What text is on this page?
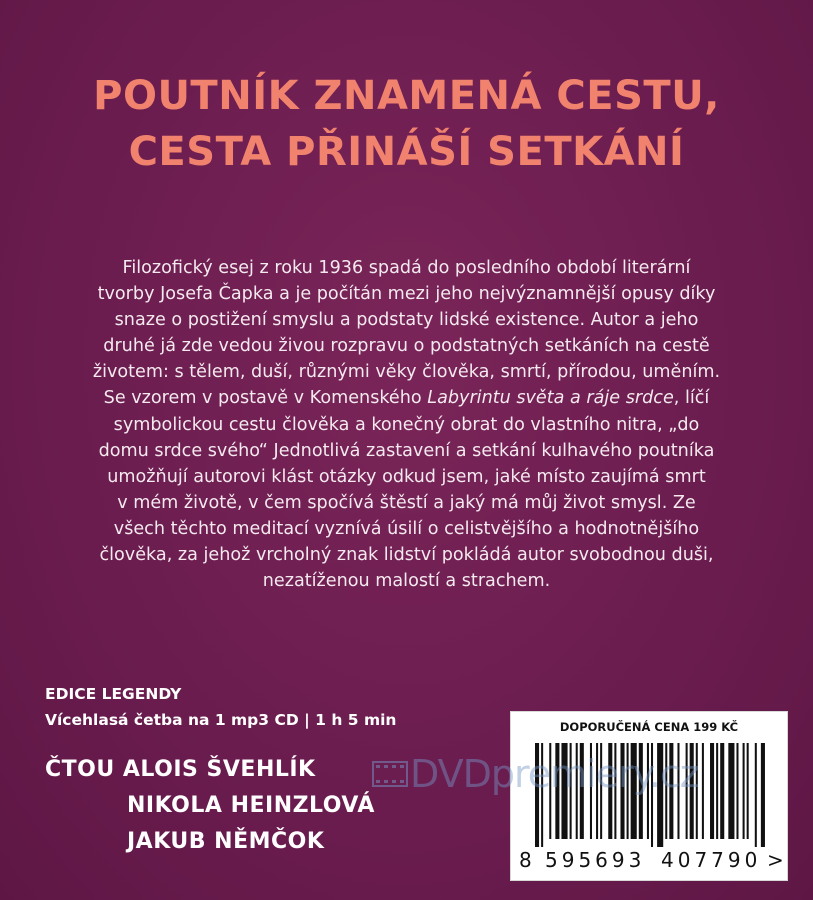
POUTNÍK ZNAMENÁ CESTU,
CESTA PŘINÁŠÍ SETKÁNÍ
Filozofický esej z roku 1936 spadá do posledního období literární
tvorby Josefa Čapka a je počítán mezi jeho nejvýznamnější opusy díky
snaze o postižení smyslu a podstaty lidské existence. Autor a jeho
druhé já zde vedou živou rozpravu o podstatných setkáních na cestě
životem: s tělem, duší, různými věky člověka, smrtí, přírodou, uměním.
Se vzorem v postavě v Komenského Labyrintu světa a ráje srdce, líčí
symbolickou cestu člověka a konečný obrat do vlastního nitra, „do
domu srdce svého“ Jednotlivá zastavení a setkání kulhavého poutníka
umožňují autorovi klást otázky odkud jsem, jaké místo zaujímá smrt
v mém životě, v čem spočívá štěstí a jaký má můj život smysl. Ze
všech těchto meditací vyznívá úsilí o celistvějšího a hodnotnějšího
člověka, za jehož vrcholný znak lidství pokládá autor svobodnou duši,
nezatíženou malostí a strachem.
EDICE LEGENDY
Vícehlasá četba na 1 mp3 CD | 1 h 5 min
ČTOU ALOIS ŠVEHLÍK
NIKOLA HEINZLOVÁ
JAKUB NĚMČOK
DOPORUČENÁ CENA 199 KČ
8 595693 407790 >
DVDpremiery.cz
